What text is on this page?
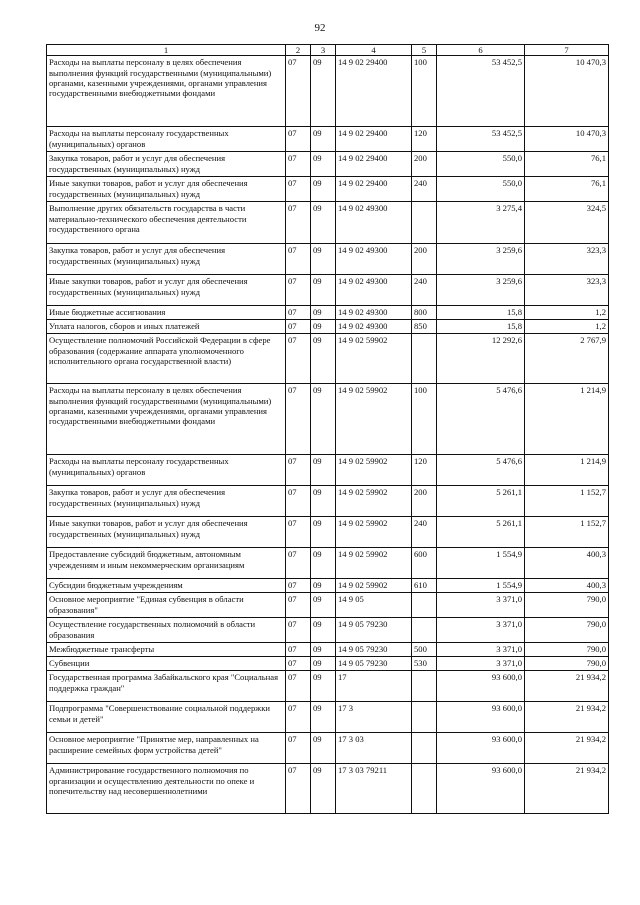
92
1	2	3	4	5	6	7
Расходы на выплаты персоналу в целях обеспечения выполнения функций государственными (муниципальными) органами, казенными учреждениями, органами управления государственными внебюджетными фондами	07	09	14 9 02 29400	100	53 452,5	10 470,3
Расходы на выплаты персоналу государственных (муниципальных) органов	07	09	14 9 02 29400	120	53 452,5	10 470,3
Закупка товаров, работ и услуг для обеспечения государственных (муниципальных) нужд	07	09	14 9 02 29400	200	550,0	76,1
Иные закупки товаров, работ и услуг для обеспечения государственных (муниципальных) нужд	07	09	14 9 02 29400	240	550,0	76,1
Выполнение других обязательств государства в части материально-технического обеспечения деятельности государственного органа	07	09	14 9 02 49300		3 275,4	324,5
Закупка товаров, работ и услуг для обеспечения государственных (муниципальных) нужд	07	09	14 9 02 49300	200	3 259,6	323,3
Иные закупки товаров, работ и услуг для обеспечения государственных (муниципальных) нужд	07	09	14 9 02 49300	240	3 259,6	323,3
Иные бюджетные ассигнования	07	09	14 9 02 49300	800	15,8	1,2
Уплата налогов, сборов и иных платежей	07	09	14 9 02 49300	850	15,8	1,2
Осуществление полномочий Российской Федерации в сфере образования (содержание аппарата уполномоченного исполнительного органа государственной власти)	07	09	14 9 02 59902		12 292,6	2 767,9
Расходы на выплаты персоналу в целях обеспечения выполнения функций государственными (муниципальными) органами, казенными учреждениями, органами управления государственными внебюджетными фондами	07	09	14 9 02 59902	100	5 476,6	1 214,9
Расходы на выплаты персоналу государственных (муниципальных) органов	07	09	14 9 02 59902	120	5 476,6	1 214,9
Закупка товаров, работ и услуг для обеспечения государственных (муниципальных) нужд	07	09	14 9 02 59902	200	5 261,1	1 152,7
Иные закупки товаров, работ и услуг для обеспечения государственных (муниципальных) нужд	07	09	14 9 02 59902	240	5 261,1	1 152,7
Предоставление субсидий бюджетным, автономным учреждениям и иным некоммерческим организациям	07	09	14 9 02 59902	600	1 554,9	400,3
Субсидии бюджетным учреждениям	07	09	14 9 02 59902	610	1 554,9	400,3
Основное мероприятие "Единая субвенция в области образования"	07	09	14 9 05		3 371,0	790,0
Осуществление государственных полномочий в области образования	07	09	14 9 05 79230		3 371,0	790,0
Межбюджетные трансферты	07	09	14 9 05 79230	500	3 371,0	790,0
Субвенции	07	09	14 9 05 79230	530	3 371,0	790,0
Государственная программа Забайкальского края "Социальная поддержка граждан"	07	09	17		93 600,0	21 934,2
Подпрограмма "Совершенствование социальной поддержки семьи и детей"	07	09	17 3		93 600,0	21 934,2
Основное мероприятие "Принятие мер, направленных на расширение семейных форм устройства детей"	07	09	17 3 03		93 600,0	21 934,2
Администрирование государственного полномочия по организации и осуществлению деятельности по опеке и попечительству над несовершеннолетними	07	09	17 3 03 79211		93 600,0	21 934,2
